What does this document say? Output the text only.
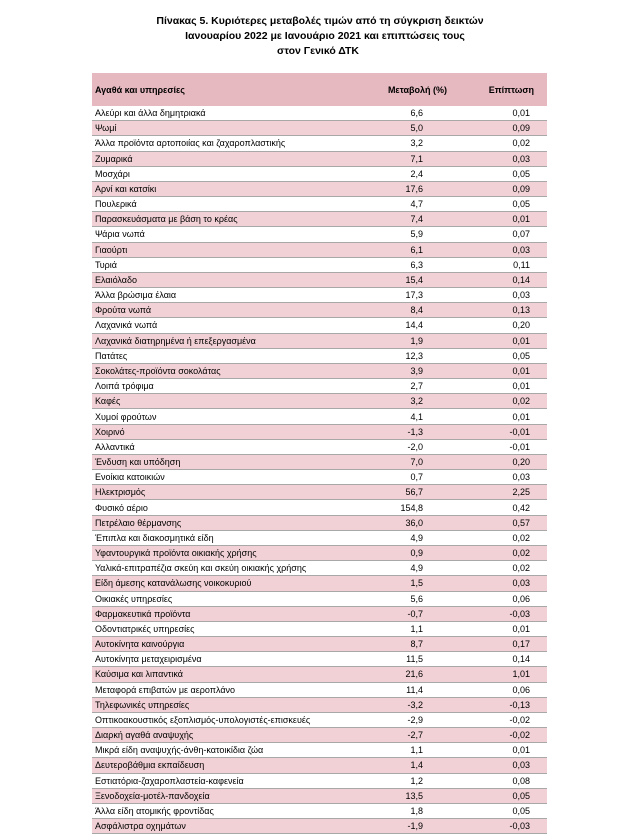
Πίνακας 5. Κυριότερες μεταβολές τιμών από τη σύγκριση δεικτών
Ιανουαρίου 2022 με Ιανουάριο 2021 και επιπτώσεις τους
στον Γενικό ΔΤΚ
Αγαθά και υπηρεσίες	Μεταβολή (%)	Επίπτωση
Αλεύρι και άλλα δημητριακά	6,6	0,01
Ψωμί	5,0	0,09
Άλλα προϊόντα αρτοποιίας και ζαχαροπλαστικής	3,2	0,02
Ζυμαρικά	7,1	0,03
Μοσχάρι	2,4	0,05
Αρνί και κατσίκι	17,6	0,09
Πουλερικά	4,7	0,05
Παρασκευάσματα με βάση το κρέας	7,4	0,01
Ψάρια νωπά	5,9	0,07
Γιαούρτι	6,1	0,03
Τυριά	6,3	0,11
Ελαιόλαδο	15,4	0,14
Άλλα βρώσιμα έλαια	17,3	0,03
Φρούτα νωπά	8,4	0,13
Λαχανικά νωπά	14,4	0,20
Λαχανικά διατηρημένα ή επεξεργασμένα	1,9	0,01
Πατάτες	12,3	0,05
Σοκολάτες-προϊόντα σοκολάτας	3,9	0,01
Λοιπά τρόφιμα	2,7	0,01
Καφές	3,2	0,02
Χυμοί φρούτων	4,1	0,01
Χοιρινό	-1,3	-0,01
Αλλαντικά	-2,0	-0,01
Ένδυση και υπόδηση	7,0	0,20
Ενοίκια κατοικιών	0,7	0,03
Ηλεκτρισμός	56,7	2,25
Φυσικό αέριο	154,8	0,42
Πετρέλαιο θέρμανσης	36,0	0,57
Έπιπλα και διακοσμητικά είδη	4,9	0,02
Υφαντουργικά προϊόντα οικιακής χρήσης	0,9	0,02
Υαλικά-επιτραπέζια σκεύη και σκεύη οικιακής χρήσης	4,9	0,02
Είδη άμεσης κατανάλωσης νοικοκυριού	1,5	0,03
Οικιακές υπηρεσίες	5,6	0,06
Φαρμακευτικά προϊόντα	-0,7	-0,03
Οδοντιατρικές υπηρεσίες	1,1	0,01
Αυτοκίνητα καινούργια	8,7	0,17
Αυτοκίνητα μεταχειρισμένα	11,5	0,14
Καύσιμα και λιπαντικά	21,6	1,01
Μεταφορά επιβατών με αεροπλάνο	11,4	0,06
Τηλεφωνικές υπηρεσίες	-3,2	-0,13
Οπτικοακουστικός εξοπλισμός-υπολογιστές-επισκευές	-2,9	-0,02
Διαρκή αγαθά αναψυχής	-2,7	-0,02
Μικρά είδη αναψυχής-άνθη-κατοικίδια ζώα	1,1	0,01
Δευτεροβάθμια εκπαίδευση	1,4	0,03
Εστιατόρια-ζαχαροπλαστεία-καφενεία	1,2	0,08
Ξενοδοχεία-μοτέλ-πανδοχεία	13,5	0,05
Άλλα είδη ατομικής φροντίδας	1,8	0,05
Ασφάλιστρα οχημάτων	-1,9	-0,03
